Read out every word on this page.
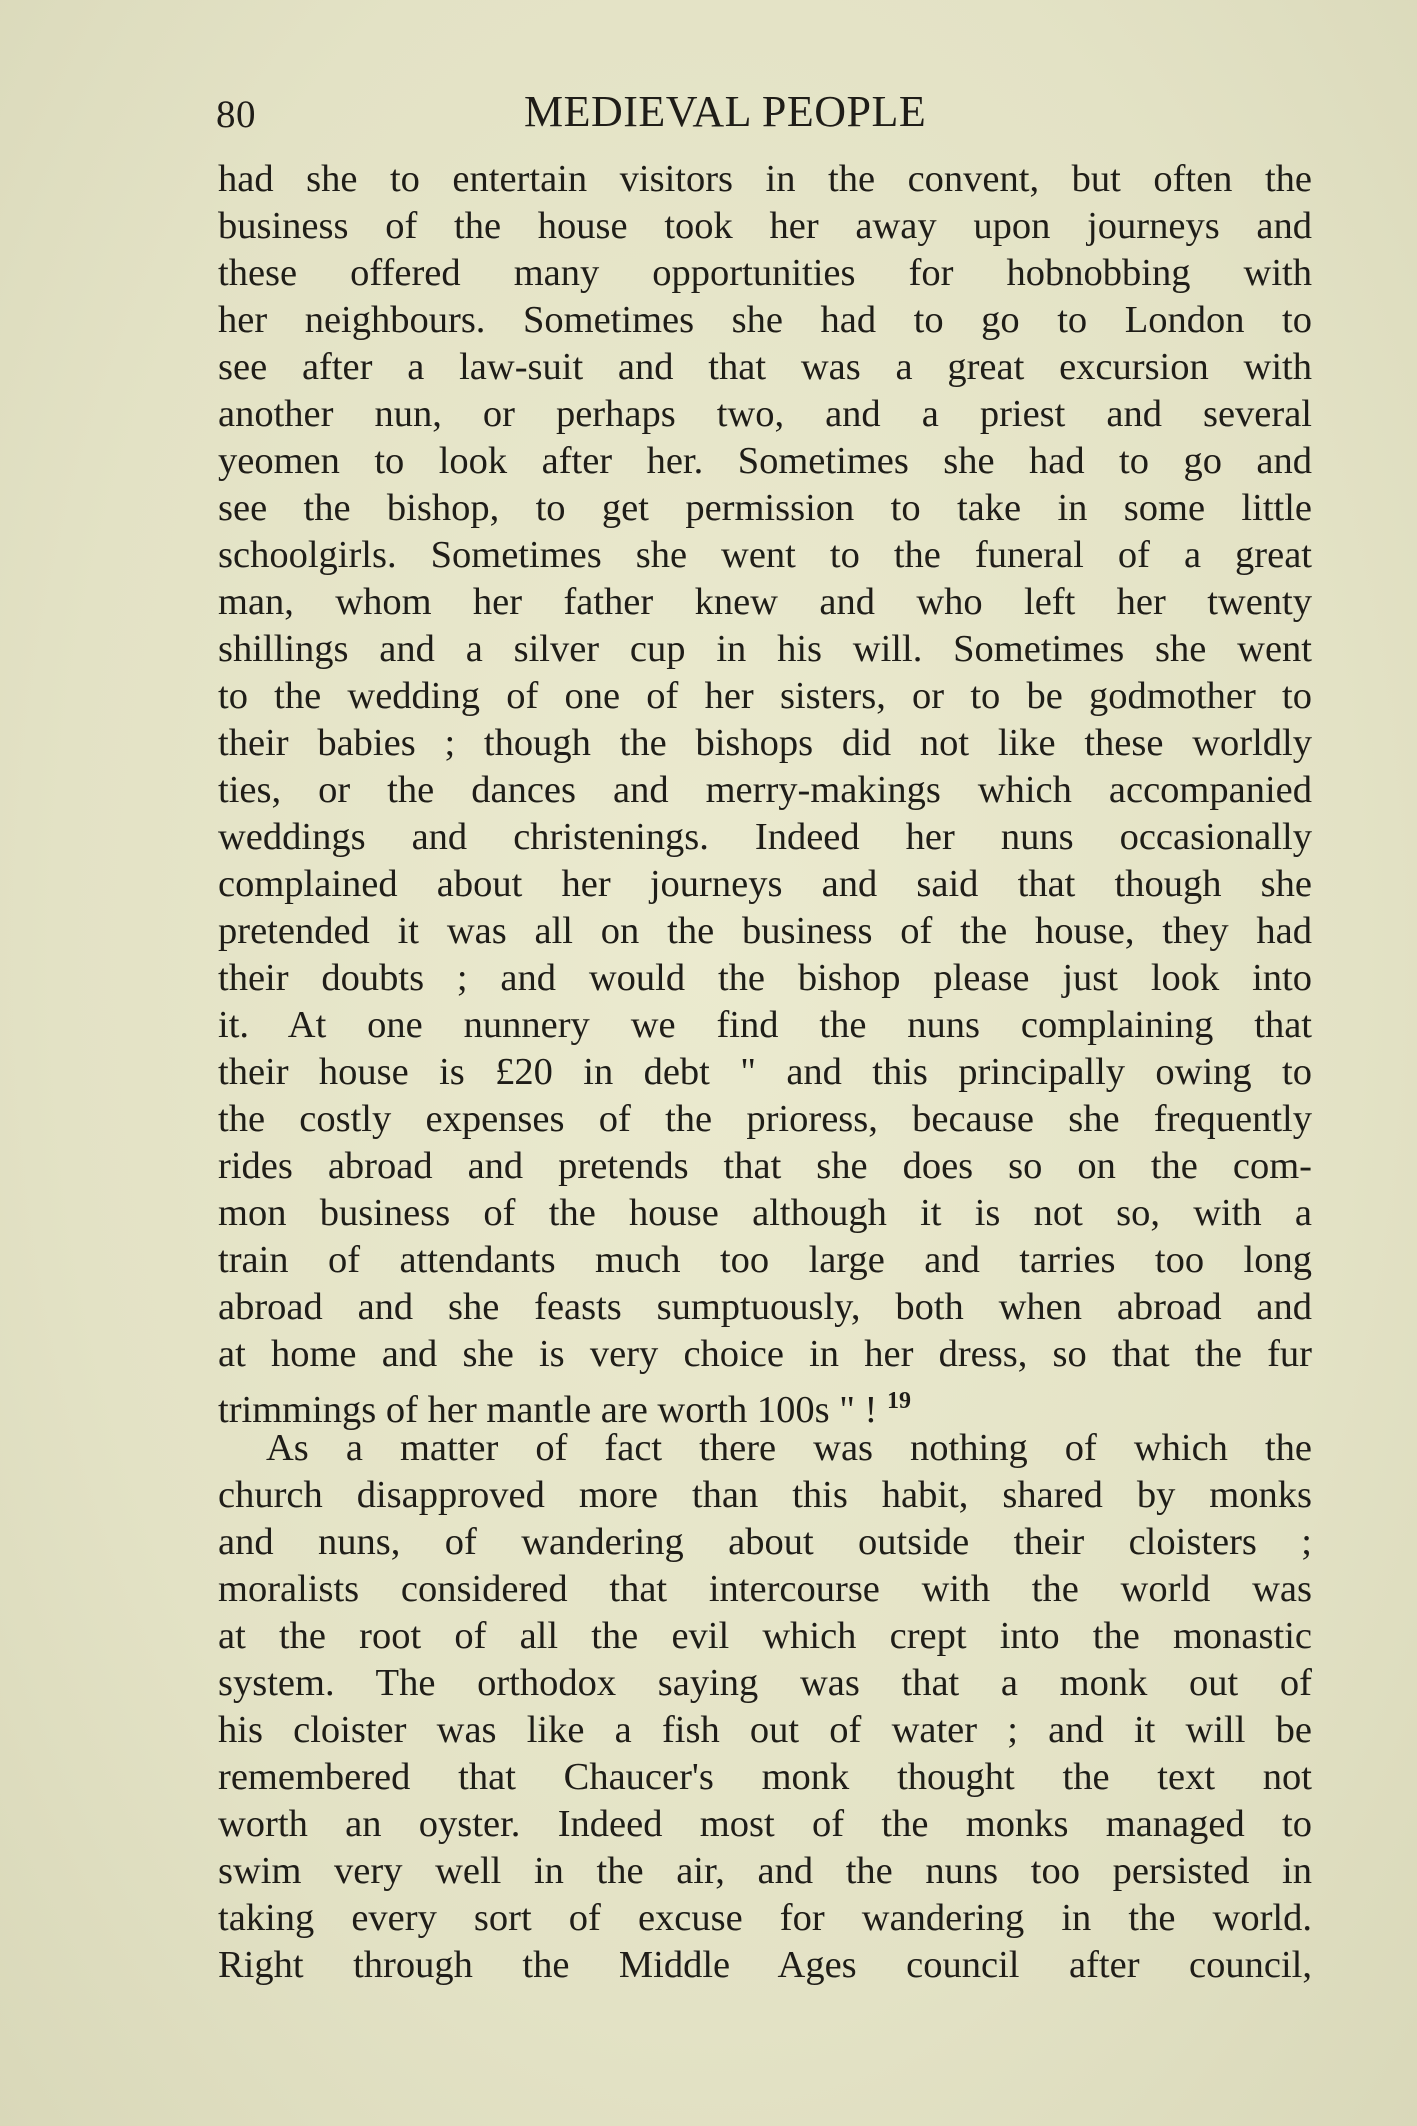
80	MEDIEVAL PEOPLE
had she to entertain visitors in the convent, but often the
business of the house took her away upon journeys and
these offered many opportunities for hobnobbing with
her neighbours. Sometimes she had to go to London to
see after a law-suit and that was a great excursion with
another nun, or perhaps two, and a priest and several
yeomen to look after her. Sometimes she had to go and
see the bishop, to get permission to take in some little
schoolgirls. Sometimes she went to the funeral of a great
man, whom her father knew and who left her twenty
shillings and a silver cup in his will. Sometimes she went
to the wedding of one of her sisters, or to be godmother to
their babies ; though the bishops did not like these worldly
ties, or the dances and merry-makings which accompanied
weddings and christenings. Indeed her nuns occasionally
complained about her journeys and said that though she
pretended it was all on the business of the house, they had
their doubts ; and would the bishop please just look into
it. At one nunnery we find the nuns complaining that
their house is £20 in debt " and this principally owing to
the costly expenses of the prioress, because she frequently
rides abroad and pretends that she does so on the com-
mon business of the house although it is not so, with a
train of attendants much too large and tarries too long
abroad and she feasts sumptuously, both when abroad and
at home and she is very choice in her dress, so that the fur
trimmings of her mantle are worth 100s " ! $^{19}$
As a matter of fact there was nothing of which the
church disapproved more than this habit, shared by monks
and nuns, of wandering about outside their cloisters ;
moralists considered that intercourse with the world was
at the root of all the evil which crept into the monastic
system. The orthodox saying was that a monk out of
his cloister was like a fish out of water ; and it will be
remembered that Chaucer's monk thought the text not
worth an oyster. Indeed most of the monks managed to
swim very well in the air, and the nuns too persisted in
taking every sort of excuse for wandering in the world.
Right through the Middle Ages council after council,
